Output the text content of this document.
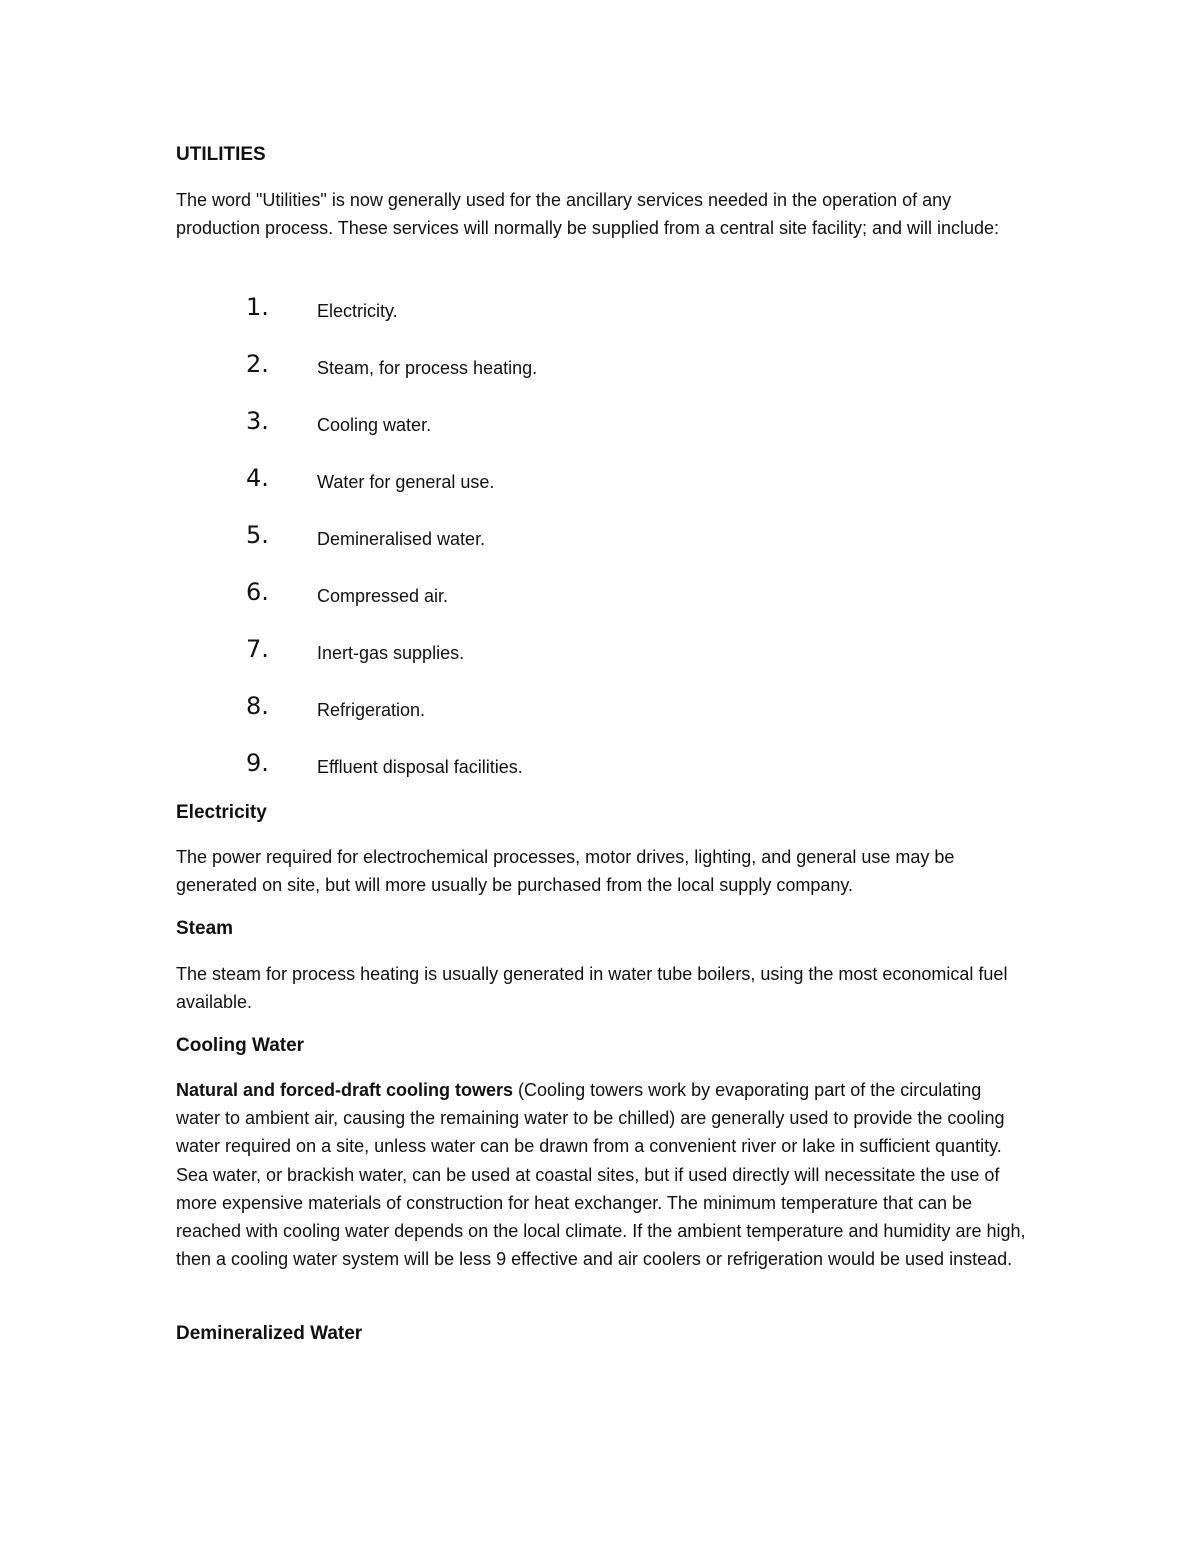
UTILITIES

The word "Utilities" is now generally used for the ancillary services needed in the operation of any production process. These services will normally be supplied from a central site facility; and will include:

1.	Electricity.
2.	Steam, for process heating.
3.	Cooling water.
4.	Water for general use.
5.	Demineralised water.
6.	Compressed air.
7.	Inert-gas supplies.
8.	Refrigeration.
9.	Effluent disposal facilities.
Electricity

The power required for electrochemical processes, motor drives, lighting, and general use may be generated on site, but will more usually be purchased from the local supply company.

Steam

The steam for process heating is usually generated in water tube boilers, using the most economical fuel available.

Cooling Water

Natural and forced-draft cooling towers (Cooling towers work by evaporating part of the circulating water to ambient air, causing the remaining water to be chilled) are generally used to provide the cooling water required on a site, unless water can be drawn from a convenient river or lake in sufficient quantity. Sea water, or brackish water, can be used at coastal sites, but if used directly will necessitate the use of more expensive materials of construction for heat exchanger. The minimum temperature that can be reached with cooling water depends on the local climate. If the ambient temperature and humidity are high, then a cooling water system will be less 9 effective and air coolers or refrigeration would be used instead.

Demineralized Water
